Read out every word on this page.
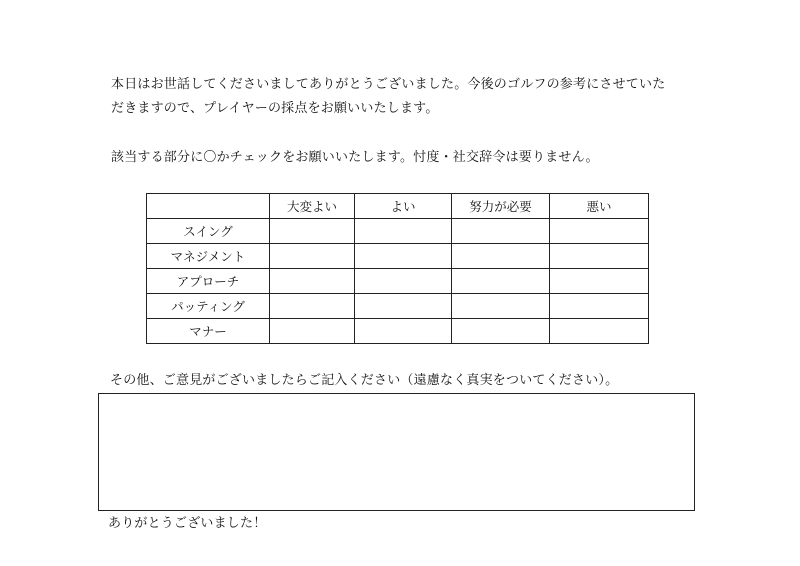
本日はお世話してくださいましてありがとうございました。今後のゴルフの参考にさせていた
だきますので、プレイヤーの採点をお願いいたします。
該当する部分に〇かチェックをお願いいたします。忖度・社交辞令は要りません。
	大変よい	よい	努力が必要	悪い
スイング				
マネジメント				
アプローチ				
パッティング				
マナー				
その他、ご意見がございましたらご記入ください（遠慮なく真実をついてください）。
ありがとうございました！
